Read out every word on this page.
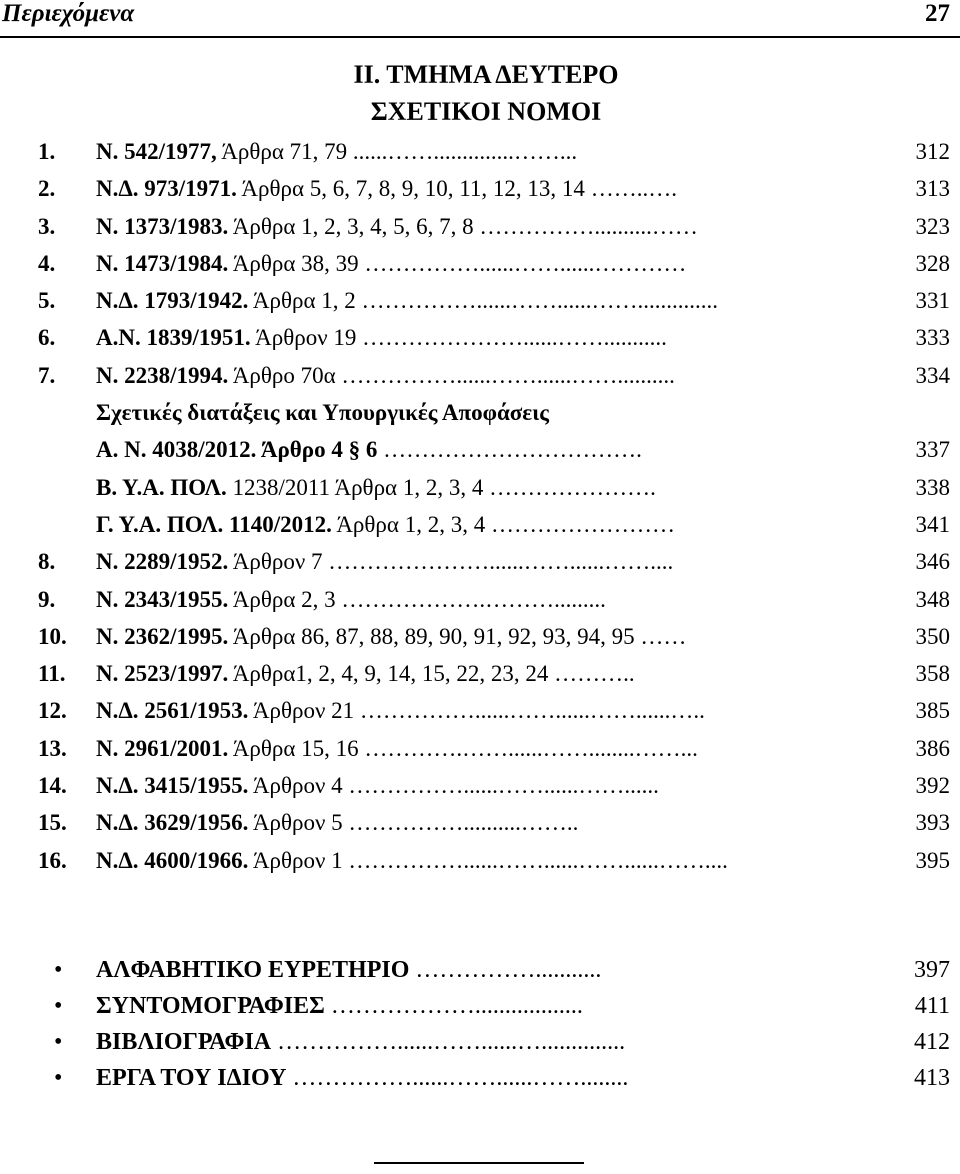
Περιεχόμενα	27
ΙΙ. ΤΜΗΜΑ ΔΕΥΤΕΡΟ
ΣΧΕΤΙΚΟΙ ΝΟΜΟΙ
1. Ν. 542/1977, Άρθρα 71, 79 ......……..............……...	312
2. Ν.Δ. 973/1971. Άρθρα 5, 6, 7, 8, 9, 10, 11, 12, 13, 14 ……..….	313
3. Ν. 1373/1983. Άρθρα 1, 2, 3, 4, 5, 6, 7, 8 ……………..........……	323
4. Ν. 1473/1984. Άρθρα 38, 39 ……………......……......…………	328
5. Ν.Δ. 1793/1942. Άρθρα 1, 2 ……………......……......……..............	331
6. Α.Ν. 1839/1951. Άρθρον 19 …………………......……...........	333
7. Ν. 2238/1994. Άρθρο 70α ……………......……......……..........	334
Σχετικές διατάξεις και Υπουργικές Αποφάσεις
Α. Ν. 4038/2012. Άρθρο 4 § 6 …………………………….	337
Β. Υ.Α. ΠΟΛ. 1238/2011 Άρθρα 1, 2, 3, 4 ………………….	338
Γ. Υ.Α. ΠΟΛ. 1140/2012. Άρθρα 1, 2, 3, 4 ……………………	341
8. Ν. 2289/1952. Άρθρον 7 …………………......……......……....	346
9. Ν. 2343/1955. Άρθρα 2, 3 ……………….……….........	348
10. Ν. 2362/1995. Άρθρα 86, 87, 88, 89, 90, 91, 92, 93, 94, 95 ……	350
11. Ν. 2523/1997. Άρθρα1, 2, 4, 9, 14, 15, 22, 23, 24 ………..	358
12. Ν.Δ. 2561/1953. Άρθρον 21 ……………......……......……......…..	385
13. Ν. 2961/2001. Άρθρα 15, 16 ………….……......……........……...	386
14. Ν.Δ. 3415/1955. Άρθρον 4 ……………......……......……......	392
15. Ν.Δ. 3629/1956. Άρθρον 5 ……………..........……..	393
16. Ν.Δ. 4600/1966. Άρθρον 1 ……………......……......……......……....	395
• ΑΛΦΑΒΗΤΙΚΟ ΕΥΡΕΤΗΡΙΟ ……………...........	397
• ΣΥΝΤΟΜΟΓΡΑΦΙΕΣ ………………..................	411
• ΒΙΒΛΙΟΓΡΑΦΙΑ ……………......……......…..............	412
• ΕΡΓΑ ΤΟΥ ΙΔΙΟΥ ……………......……......……........	413
